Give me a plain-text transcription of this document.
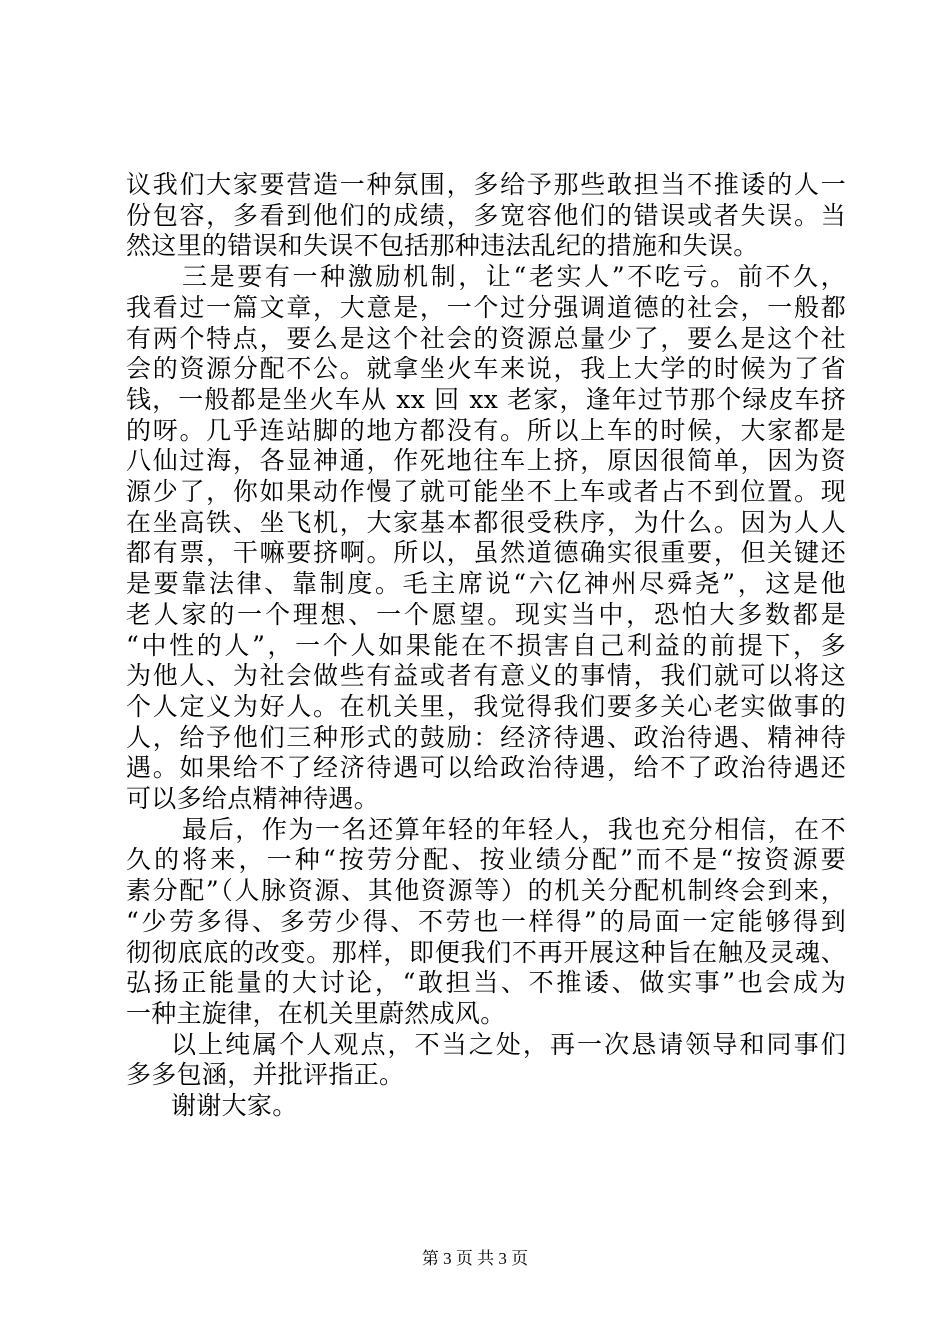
议我们大家要营造一种氛围，多给予那些敢担当不推诿的人一
份包容，多看到他们的成绩，多宽容他们的错误或者失误。当
然这里的错误和失误不包括那种违法乱纪的措施和失误。
三是要有一种激励机制，让“老实人”不吃亏。前不久，
我看过一篇文章，大意是，一个过分强调道德的社会，一般都
有两个特点，要么是这个社会的资源总量少了，要么是这个社
会的资源分配不公。就拿坐火车来说，我上大学的时候为了省
钱，一般都是坐火车从 xx 回 xx 老家，逢年过节那个绿皮车挤
的呀。几乎连站脚的地方都没有。所以上车的时候，大家都是
八仙过海，各显神通，作死地往车上挤，原因很简单，因为资
源少了，你如果动作慢了就可能坐不上车或者占不到位置。现
在坐高铁、坐飞机，大家基本都很受秩序，为什么。因为人人
都有票，干嘛要挤啊。所以，虽然道德确实很重要，但关键还
是要靠法律、靠制度。毛主席说“六亿神州尽舜尧”，这是他
老人家的一个理想、一个愿望。现实当中，恐怕大多数都是
“中性的人”，一个人如果能在不损害自己利益的前提下，多
为他人、为社会做些有益或者有意义的事情，我们就可以将这
个人定义为好人。在机关里，我觉得我们要多关心老实做事的
人，给予他们三种形式的鼓励：经济待遇、政治待遇、精神待
遇。如果给不了经济待遇可以给政治待遇，给不了政治待遇还
可以多给点精神待遇。
最后，作为一名还算年轻的年轻人，我也充分相信，在不
久的将来，一种“按劳分配、按业绩分配”而不是“按资源要
素分配”（人脉资源、其他资源等）的机关分配机制终会到来，
“少劳多得、多劳少得、不劳也一样得”的局面一定能够得到
彻彻底底的改变。那样，即便我们不再开展这种旨在触及灵魂、
弘扬正能量的大讨论，“敢担当、不推诿、做实事”也会成为
一种主旋律，在机关里蔚然成风。
以上纯属个人观点，不当之处，再一次恳请领导和同事们
多多包涵，并批评指正。
谢谢大家。
第 3 页 共 3 页
